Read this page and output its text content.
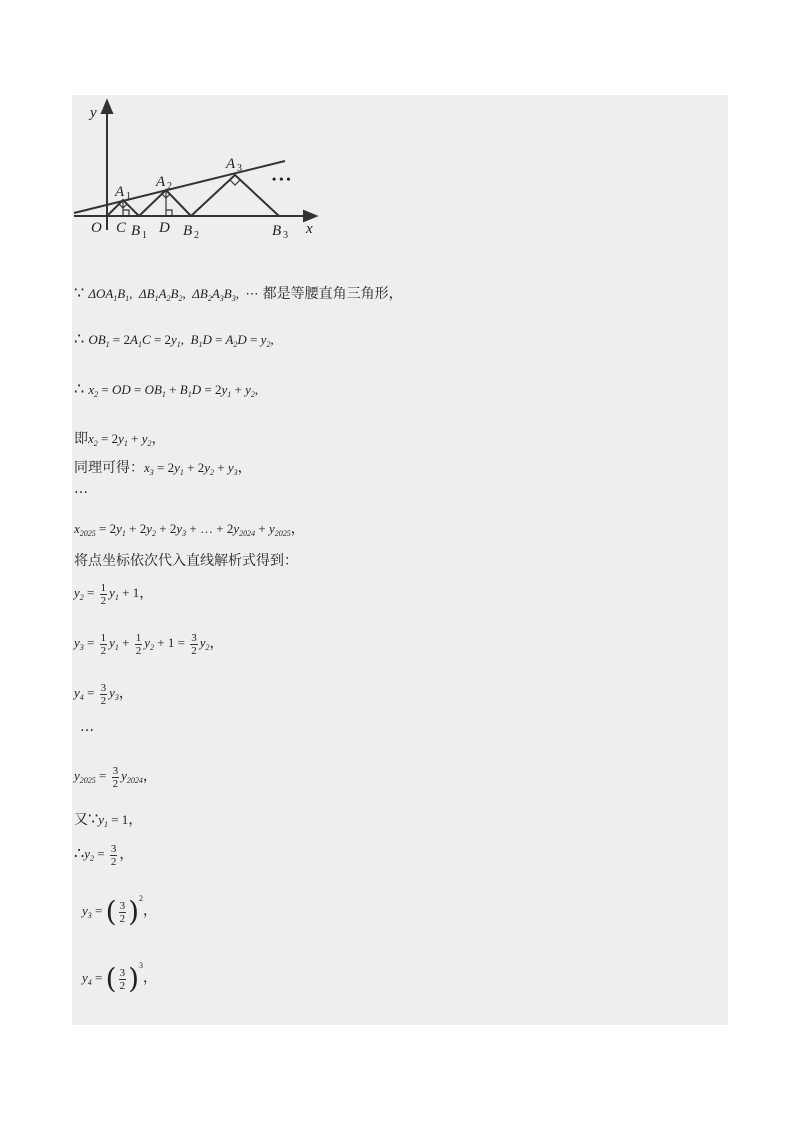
y
x
O C D
A 1
A 2
A 3
B 1 B 2	B 3
• • •
∵ $\Delta OA_1B_1$,  $\Delta B_1A_2B_2$,  $\Delta B_2A_3B_3$, ⋯ 都是等腰直角三角形，
∴ $OB_1 = 2A_1C = 2y_1$,  $B_1D = A_2D = y_2$,
∴ $x_2$ = OD = $OB_1 + B_1D = 2y_1 + y_2$,
即$x_2 = 2y_1 + y_2$，
同理可得：$x_3 = 2y_1 + 2y_2 + y_3$，
…
$x_{2025} = 2y_1 + 2y_2 + 2y_3$ + … + $2y_{2024} + y_{2025}$，
将点坐标依次代入直线解析式得到：
$y_2 = \frac{1}{2} y_1 + 1$，
$y_3 = \frac{1}{2} y_1 + \frac{1}{2} y_2 + 1 = \frac{3}{2} y_2$，
$y_4 = \frac{3}{2} y_3$，
…
$y_{2025} = \frac{3}{2} y_{2024}$，
又$\because y_1 = 1$，
$\therefore y_2 = \frac{3}{2}$ ，
$y_3$ = ( $\frac{3}{2} )2$，
$y_4$ = ( $\frac{3}{2} )3$，
